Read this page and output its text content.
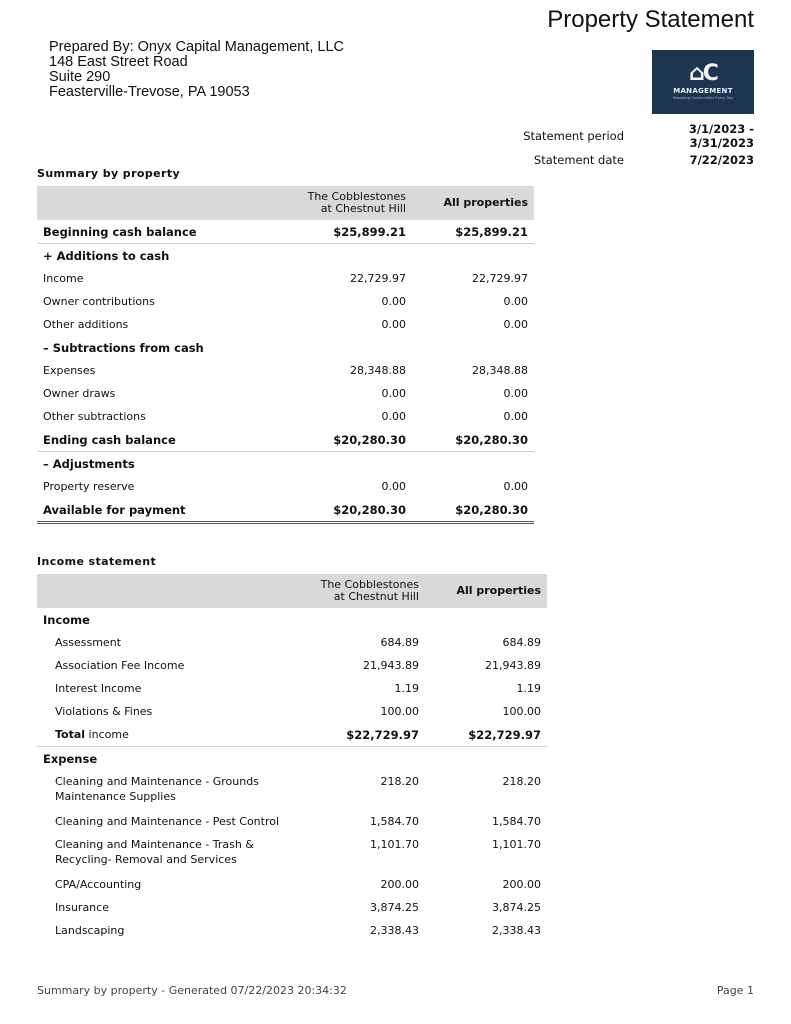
Property Statement
Prepared By: Onyx Capital Management, LLC
148 East Street Road
Suite 290
Feasterville-Trevose, PA 19053
⌂C
MANAGEMENT
Managing Communities Every Day
Statement period	3/1/2023 - 3/31/2023
Statement date	7/22/2023
Summary by property
	The Cobblestones at Chestnut Hill	All properties
Beginning cash balance	$25,899.21	$25,899.21
+ Additions to cash		
Income	22,729.97	22,729.97
Owner contributions	0.00	0.00
Other additions	0.00	0.00
– Subtractions from cash		
Expenses	28,348.88	28,348.88
Owner draws	0.00	0.00
Other subtractions	0.00	0.00
Ending cash balance	$20,280.30	$20,280.30
– Adjustments		
Property reserve	0.00	0.00
Available for payment	$20,280.30	$20,280.30
Income statement
	The Cobblestones at Chestnut Hill	All properties
Income		
Assessment	684.89	684.89
Association Fee Income	21,943.89	21,943.89
Interest Income	1.19	1.19
Violations & Fines	100.00	100.00
Total income	$22,729.97	$22,729.97
Expense		
Cleaning and Maintenance - Grounds Maintenance Supplies	218.20	218.20
Cleaning and Maintenance - Pest Control	1,584.70	1,584.70
Cleaning and Maintenance - Trash & Recycling- Removal and Services	1,101.70	1,101.70
CPA/Accounting	200.00	200.00
Insurance	3,874.25	3,874.25
Landscaping	2,338.43	2,338.43
Summary by property - Generated 07/22/2023 20:34:32	Page 1
